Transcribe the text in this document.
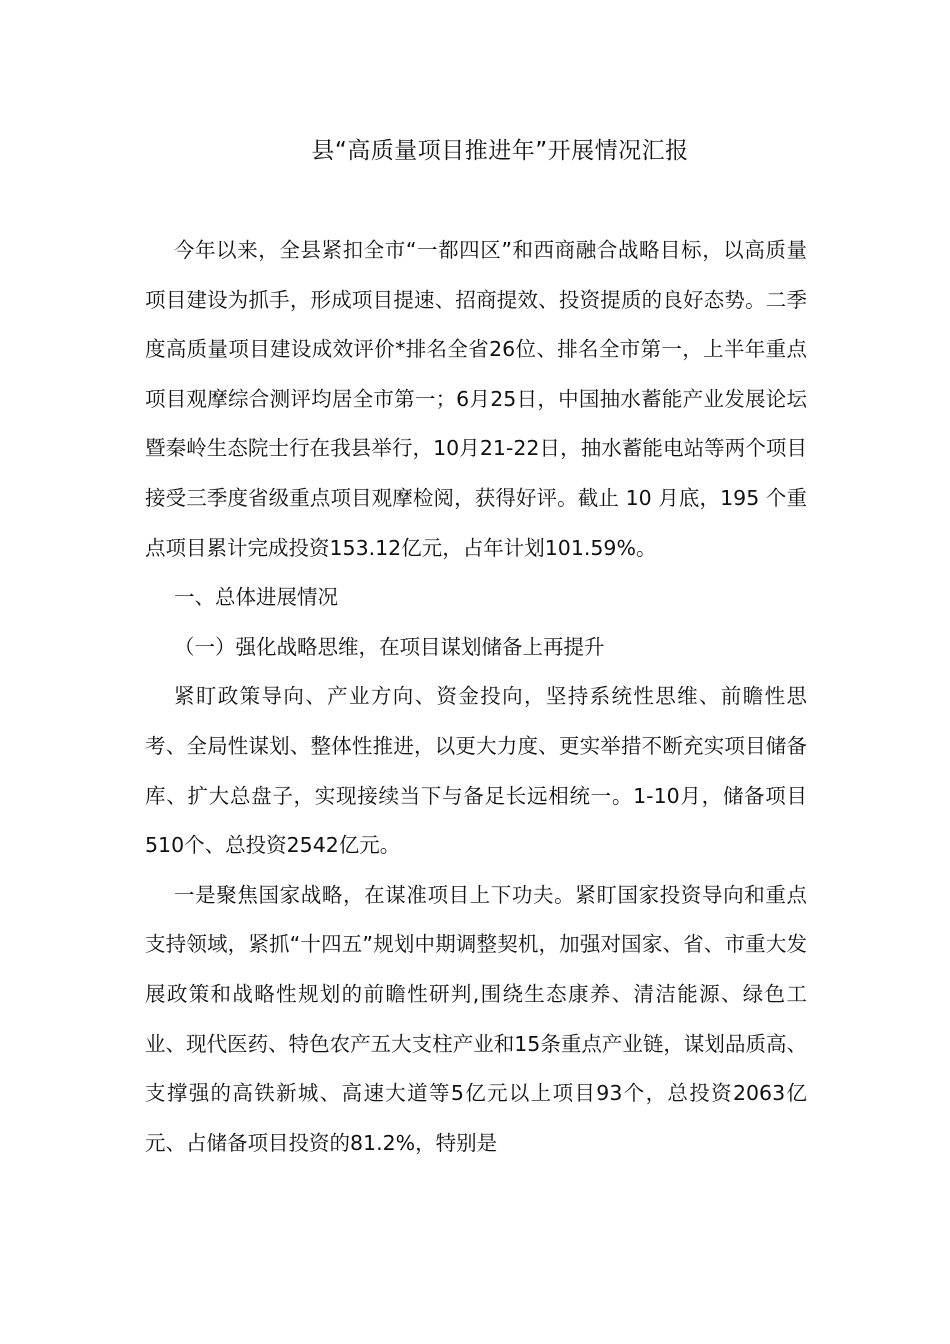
县“高质量项目推进年”开展情况汇报

今年以来，全县紧扣全市“一都四区”和西商融合战略目标，以高质量项目建设为抓手，形成项目提速、招商提效、投资提质的良好态势。二季度高质量项目建设成效评价*排名全省26位、排名全市第一，上半年重点项目观摩综合测评均居全市第一；6月25日，中国抽水蓄能产业发展论坛暨秦岭生态院士行在我县举行，10月21-22日，抽水蓄能电站等两个项目接受三季度省级重点项目观摩检阅，获得好评。截止 10 月底，195 个重点项目累计完成投资153.12亿元，占年计划101.59%。

一、总体进展情况

（一）强化战略思维，在项目谋划储备上再提升

紧盯政策导向、产业方向、资金投向，坚持系统性思维、前瞻性思考、全局性谋划、整体性推进，以更大力度、更实举措不断充实项目储备库、扩大总盘子，实现接续当下与备足长远相统一。1-10月，储备项目510个、总投资2542亿元。

一是聚焦国家战略，在谋准项目上下功夫。紧盯国家投资导向和重点支持领域，紧抓“十四五”规划中期调整契机，加强对国家、省、市重大发展政策和战略性规划的前瞻性研判,围绕生态康养、清洁能源、绿色工业、现代医药、特色农产五大支柱产业和15条重点产业链，谋划品质高、支撑强的高铁新城、高速大道等5亿元以上项目93个，总投资2063亿元、占储备项目投资的81.2%，特别是
